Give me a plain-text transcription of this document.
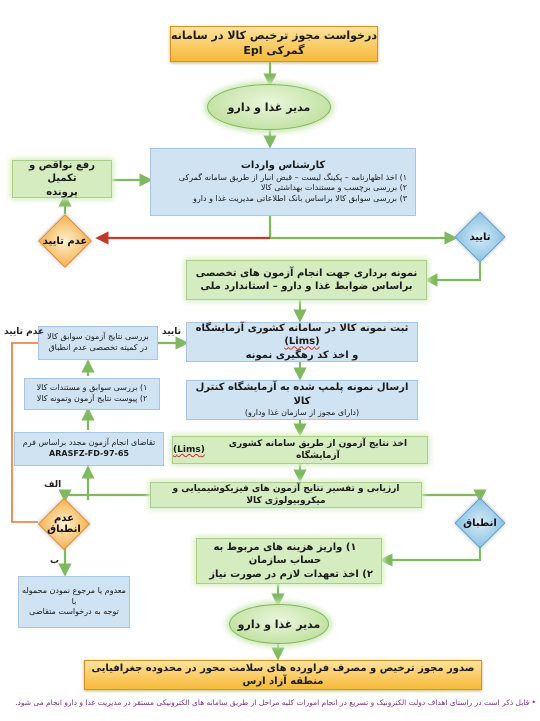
درخواست مجوز ترخیص کالا در سامانه گمرکی Epl
مدیر غذا و دارو
کارشناس واردات
۱) اخذ اظهارنامه – پکینگ لیست – قبض انبار از طریق سامانه گمرکی
۲) بررسی برچسب و مستندات بهداشتی کالا
۳) بررسی سوابق کالا براساس بانک اطلاعاتی مدیریت غذا و دارو
رفع نواقص و تکمیل
پرونده
عدم تایید	تایید
نمونه برداری جهت انجام آزمون های تخصصی
براساس ضوابط غذا و دارو – استاندارد ملی
ثبت نمونه کالا در سامانه کشوری آزمایشگاه (Lims)
و اخذ کد رهگیری نمونه
ارسال نمونه پلمپ شده به آزمایشگاه کنترل کالا
(دارای مجوز از سازمان غذا ودارو)
اخذ نتایج آزمون از طریق سامانه کشوری آزمایشگاه
(Lims)
ارزیابی و تفسیر نتایج آزمون های فیزیکوشیمیایی و میکروبیولوژی کالا
انطباق
عدم انطباق
بررسی نتایج آزمون سوابق کالا
در کمیته تخصصی عدم انطباق
۱) بررسی سوابق و مستندات کالا
۲) پیوست نتایج آزمون وتمونه کالا
تقاضای انجام آزمون مجدد براساس فرم
ARASFZ-FD-97-65
معدوم یا مرجوع نمودن محموله با
توجه به درخواست متقاضی
۱) واریز هزینه های مربوط به حساب سازمان
۲) اخذ تعهدات لازم در صورت نیاز
مدیر غذا و دارو
صدور مجوز ترخیص و مصرف فراورده های سلامت محور در محدوده جغرافیایی منطقه آزاد ارس
تایید
عدم تایید
الف
ب
• قابل ذکر است در راستای اهداف دولت الکترونیک و تسریع در انجام امورات کلیه مراحل از طریق سامانه های الکترونیکی مستقر در مدیریت غذا و دارو انجام می شود.
